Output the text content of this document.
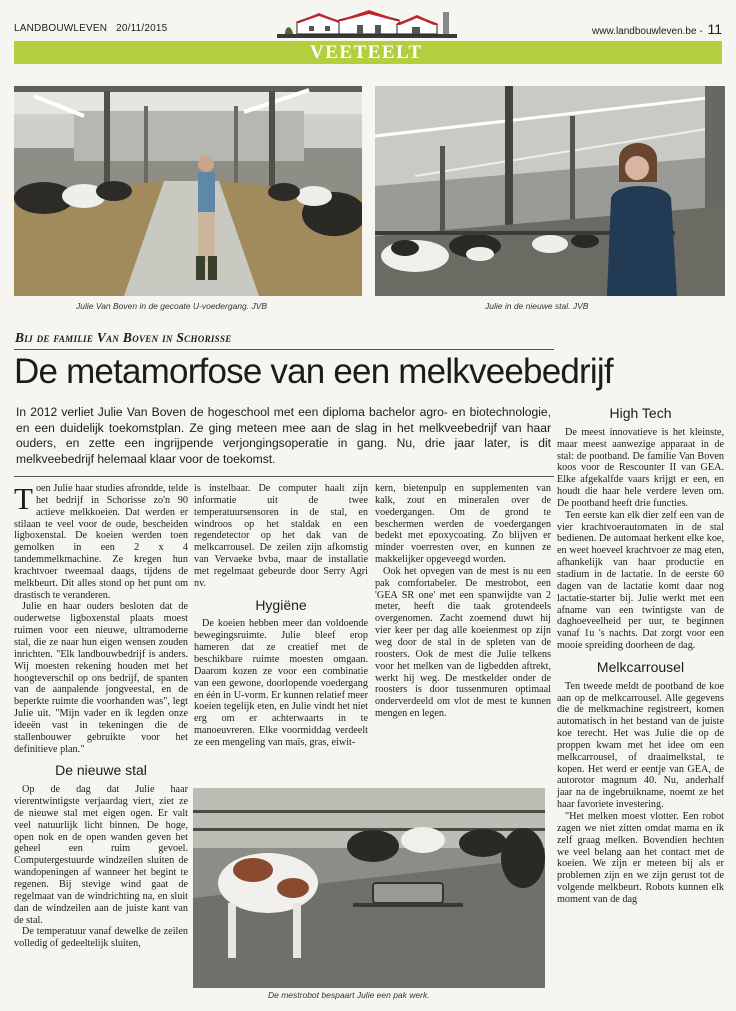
LANDBOUWLEVEN 20/11/2015	www.landbouwleven.be - 11
VEETEELT
Julie Van Boven in de gecoate U-voedergang. JVB	Julie in de nieuwe stal. JVB
Bij de familie Van Boven in Schorisse
De metamorfose van een melkveebedrijf
In 2012 verliet Julie Van Boven de hogeschool met een diploma bachelor agro- en biotechnologie, en een duidelijk toekomstplan. Ze ging meteen mee aan de slag in het melkveebedrijf van haar ouders, en zette een ingrijpende verjongingsoperatie in gang. Nu, drie jaar later, is dit melkveebedrijf helemaal klaar voor de toekomst.

Toen Julie haar studies afrondde, telde het bedrijf in Schorisse zo'n 90 actieve melkkoeien. Dat werden er stilaan te veel voor de oude, bescheiden ligboxenstal. De koeien werden toen gemolken in een 2 x 4 tandemmelkmachine. Ze kregen hun krachtvoer tweemaal daags, tijdens de melkbeurt. Dit alles stond op het punt om drastisch te veranderen.

Julie en haar ouders besloten dat de ouderwetse ligboxenstal plaats moest ruimen voor een nieuwe, ultramoderne stal, die ze naar hun eigen wensen zouden inrichten. "Elk landbouwbedrijf is anders. Wij moesten rekening houden met het hoogteverschil op ons bedrijf, de spanten van de aanpalende jongveestal, en de beperkte ruimte die voorhanden was", legt Julie uit. "Mijn vader en ik legden onze ideeën vast in tekeningen die de stallenbouwer gebruikte voor het definitieve plan."

De nieuwe stal

Op de dag dat Julie haar vierentwintigste verjaardag viert, ziet ze de nieuwe stal met eigen ogen. Er valt veel natuurlijk licht binnen. De hoge, open nok en de open wanden geven het geheel een ruim gevoel. Computergestuurde windzeilen sluiten de wandopeningen af wanneer het begint te regenen. Bij stevige wind gaat de regelmaat van de windrichting na, en sluit dan de windzeilen aan de juiste kant van de stal.

De temperatuur vanaf dewelke de zeilen volledig of gedeeltelijk sluiten,

is instelbaar. De computer haalt zijn informatie uit de twee temperatuursensoren in de stal, en windroos op het staldak en een regendetector op het dak van de melkcarrousel. De zeilen zijn afkomstig van Vervaeke bvba, maar de installatie met regelmaat gebeurde door Serry Agri nv.

Hygiëne

De koeien hebben meer dan voldoende bewegingsruimte. Julie bleef erop hameren dat ze creatief met de beschikbare ruimte moesten omgaan. Daarom kozen ze voor een combinatie van een gewone, doorlopende voedergang en één in U-vorm. Er kunnen relatief meer koeien tegelijk eten, en Julie vindt het niet erg om er achterwaarts in te manoeuvreren. Elke voormiddag verdeelt ze een mengeling van maïs, gras, eiwit-

kern, bietenpulp en supplementen van kalk, zout en mineralen over de voedergangen. Om de grond te beschermen werden de voedergangen bedekt met epoxycoating. Zo blijven er minder voerresten over, en kunnen ze makkelijker opgeveegd worden.

Ook het opvegen van de mest is nu een pak comfortabeler. De mestrobot, een 'GEA SR one' met een spanwijdte van 2 meter, heeft die taak grotendeels overgenomen. Zacht zoemend duwt hij vier keer per dag alle koeienmest op zijn weg door de stal in de spleten van de roosters. Ook de mest die Julie telkens voor het melken van de ligbedden aftrekt, werkt hij weg. De mestkelder onder de roosters is door tussenmuren optimaal onderverdeeld om vlot de mest te kunnen mengen en legen.

High Tech

De meest innovatieve is het kleinste, maar meest aanwezige apparaat in de stal: de pootband. De familie Van Boven koos voor de Rescounter II van GEA. Elke afgekalfde vaars krijgt er een, en houdt die haar hele verdere leven om. De pootband heeft drie functies.

Ten eerste kan elk dier zelf een van de vier krachtvoerautomaten in de stal bedienen. De automaat herkent elke koe, en weet hoeveel krachtvoer ze mag eten, afhankelijk van haar productie en stadium in de lactatie. In de eerste 60 dagen van de lactatie komt daar nog lactatie-starter bij. Julie werkt met een afname van een twintigste van de daghoeveelheid per uur, te beginnen vanaf 1u 's nachts. Dat zorgt voor een mooie spreiding doorheen de dag.

Melkcarrousel

Ten tweede meldt de pootband de koe aan op de melkcarrousel. Alle gegevens die de melkmachine registreert, komen automatisch in het bestand van de juiste koe terecht. Het was Julie die op de proppen kwam met het idee om een melkcarrousel, of draaimelkstal, te kopen. Het werd er eentje van GEA, de autorotor magnum 40. Nu, anderhalf jaar na de ingebruikname, noemt ze het haar favoriete investering.

"Het melken moest vlotter. Een robot zagen we niet zitten omdat mama en ik zelf graag melken. Bovendien hechten we veel belang aan het contact met de koeien. We zijn er meteen bij als er problemen zijn en we zijn gerust tot de volgende melkbeurt. Robots kunnen elk moment van de dag

De mestrobot bespaart Julie een pak werk.
